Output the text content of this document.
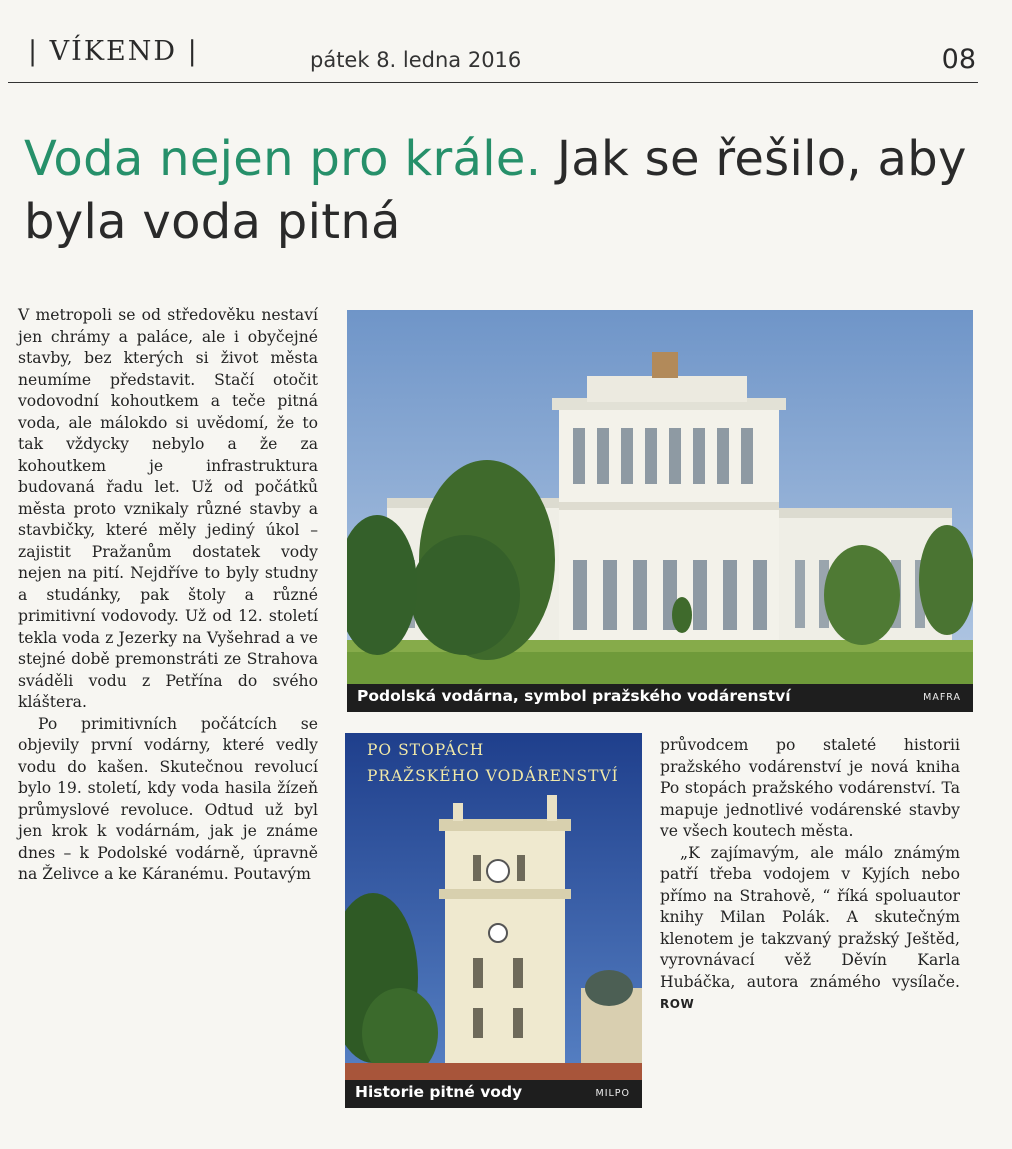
| VÍKEND |	pátek 8. ledna 2016	08
Voda nejen pro krále. Jak se řešilo, aby byla voda pitná

V metropoli se od středověku nestaví jen chrámy a paláce, ale i obyčejné stavby, bez kterých si život města neumíme představit. Stačí otočit vodovodní kohoutkem a teče pitná voda, ale málokdo si uvědomí, že to tak vždycky nebylo a že za kohoutkem je infrastruktura budovaná řadu let. Už od počátků města proto vznikaly různé stavby a stavbičky, které měly jediný úkol – zajistit Pražanům dostatek vody nejen na pití. Nejdříve to byly studny a studánky, pak štoly a různé primitivní vodovody. Už od 12. století tekla voda z Jezerky na Vyšehrad a ve stejné době premonstráti ze Strahova sváděli vodu z Petřína do svého kláštera.

Po primitivních počátcích se objevily první vodárny, které vedly vodu do kašen. Skutečnou revolucí bylo 19. století, kdy voda hasila žízeň průmyslové revoluce. Odtud už byl jen krok k vodárnám, jak je známe dnes – k Podolské vodárně, úpravně na Želivce a ke Káranému. Poutavým

Podolská vodárna, symbol pražského vodárenství	MAFRA
PO STOPÁCH
PRAŽSKÉHO VODÁRENSTVÍ
Historie pitné vody	MILPO

průvodcem po staleté historii pražského vodárenství je nová kniha Po stopách pražského vodárenství. Ta mapuje jednotlivé vodárenské stavby ve všech koutech města.

„K zajímavým, ale málo známým patří třeba vodojem v Kyjích nebo přímo na Strahově, “ říká spoluautor knihy Milan Polák. A skutečným klenotem je takzvaný pražský Ještěd, vyrovnávací věž Děvín Karla Hubáčka, autora známého vysílače. ROW
